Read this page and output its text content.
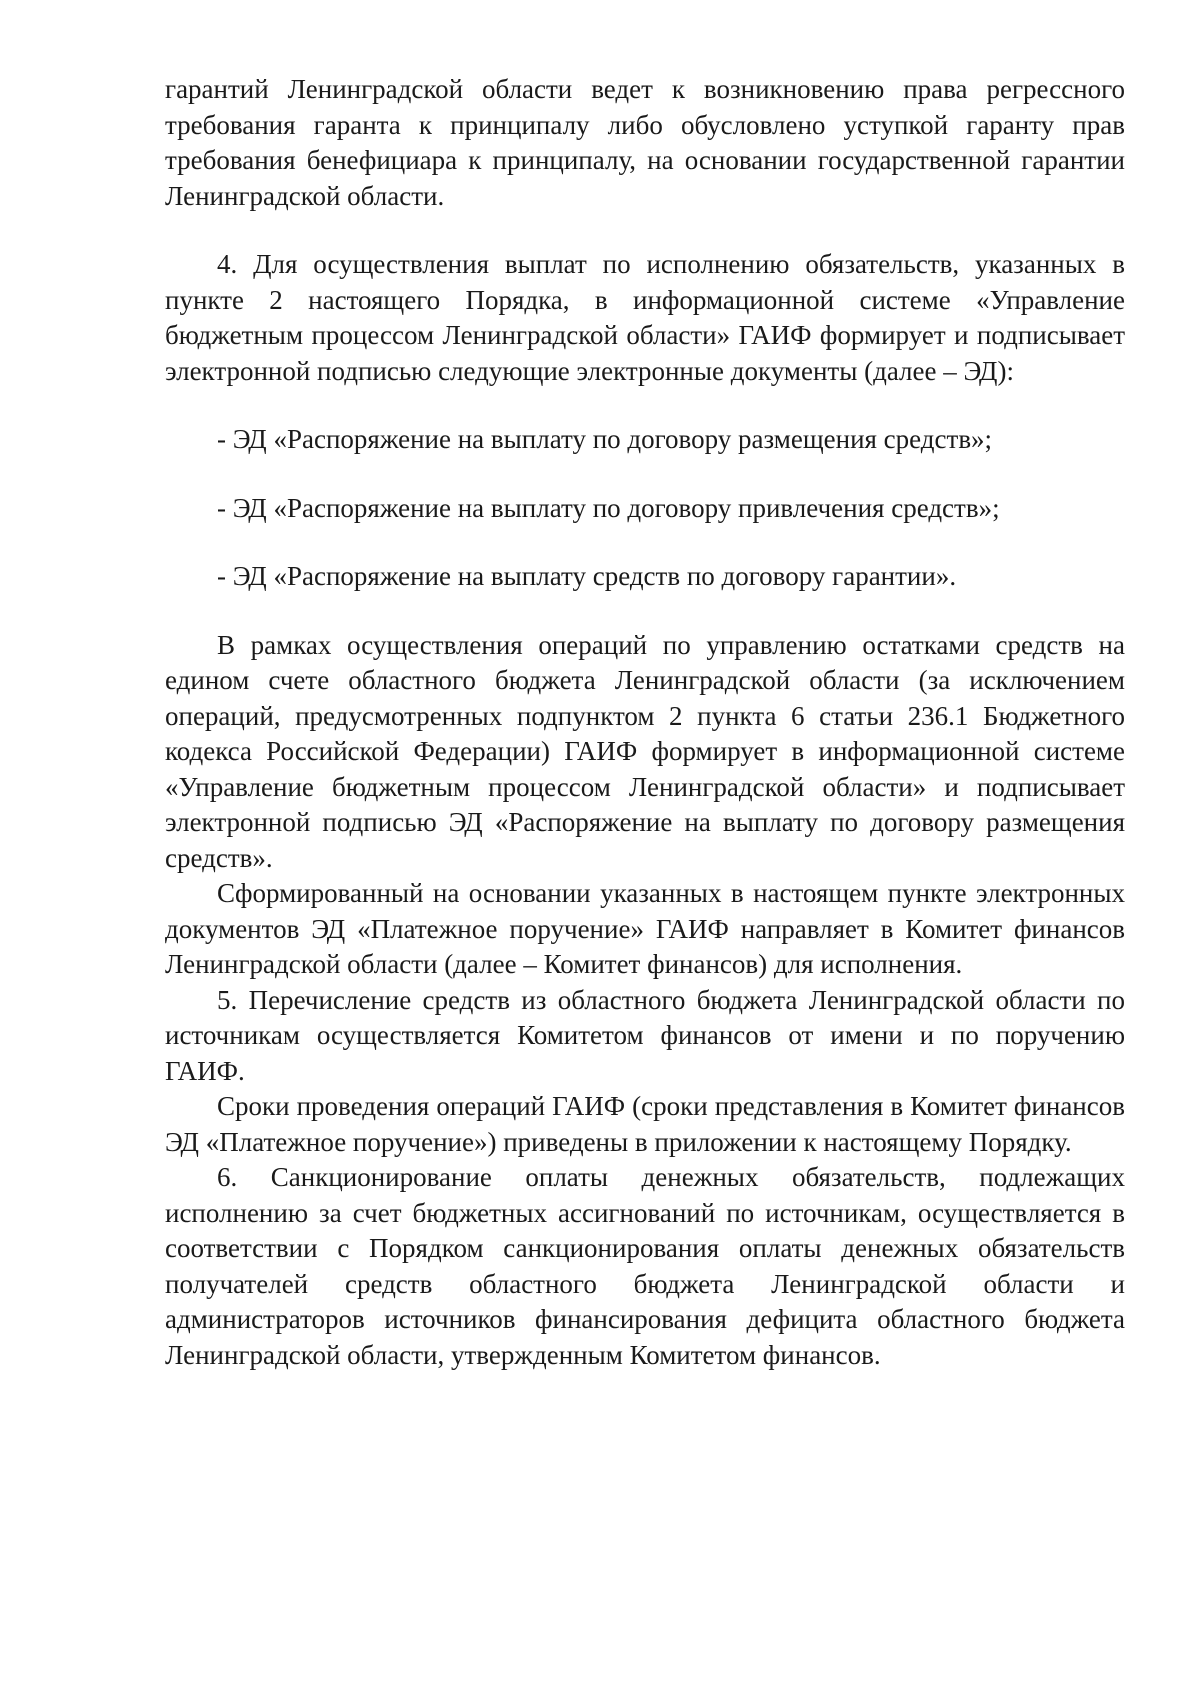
гарантий Ленинградской области ведет к возникновению права регрессного требования гаранта к принципалу либо обусловлено уступкой гаранту прав требования бенефициара к принципалу, на основании государственной гарантии Ленинградской области.

4. Для осуществления выплат по исполнению обязательств, указанных в пункте 2 настоящего Порядка, в информационной системе «Управление бюджетным процессом Ленинградской области» ГАИФ формирует и подписывает электронной подписью следующие электронные документы (далее – ЭД):

- ЭД «Распоряжение на выплату по договору размещения средств»;

- ЭД «Распоряжение на выплату по договору привлечения средств»;

- ЭД «Распоряжение на выплату средств по договору гарантии».

В рамках осуществления операций по управлению остатками средств на едином счете областного бюджета Ленинградской области (за исключением операций, предусмотренных подпунктом 2 пункта 6 статьи 236.1 Бюджетного кодекса Российской Федерации) ГАИФ формирует в информационной системе «Управление бюджетным процессом Ленинградской области» и подписывает электронной подписью ЭД «Распоряжение на выплату по договору размещения средств».

Сформированный на основании указанных в настоящем пункте электронных документов ЭД «Платежное поручение» ГАИФ направляет в Комитет финансов Ленинградской области (далее – Комитет финансов) для исполнения.

5. Перечисление средств из областного бюджета Ленинградской области по источникам осуществляется Комитетом финансов от имени и по поручению ГАИФ.

Сроки проведения операций ГАИФ (сроки представления в Комитет финансов ЭД «Платежное поручение») приведены в приложении к настоящему Порядку.

6. Санкционирование оплаты денежных обязательств, подлежащих исполнению за счет бюджетных ассигнований по источникам, осуществляется в соответствии с Порядком санкционирования оплаты денежных обязательств получателей средств областного бюджета Ленинградской области и администраторов источников финансирования дефицита областного бюджета Ленинградской области, утвержденным Комитетом финансов.
